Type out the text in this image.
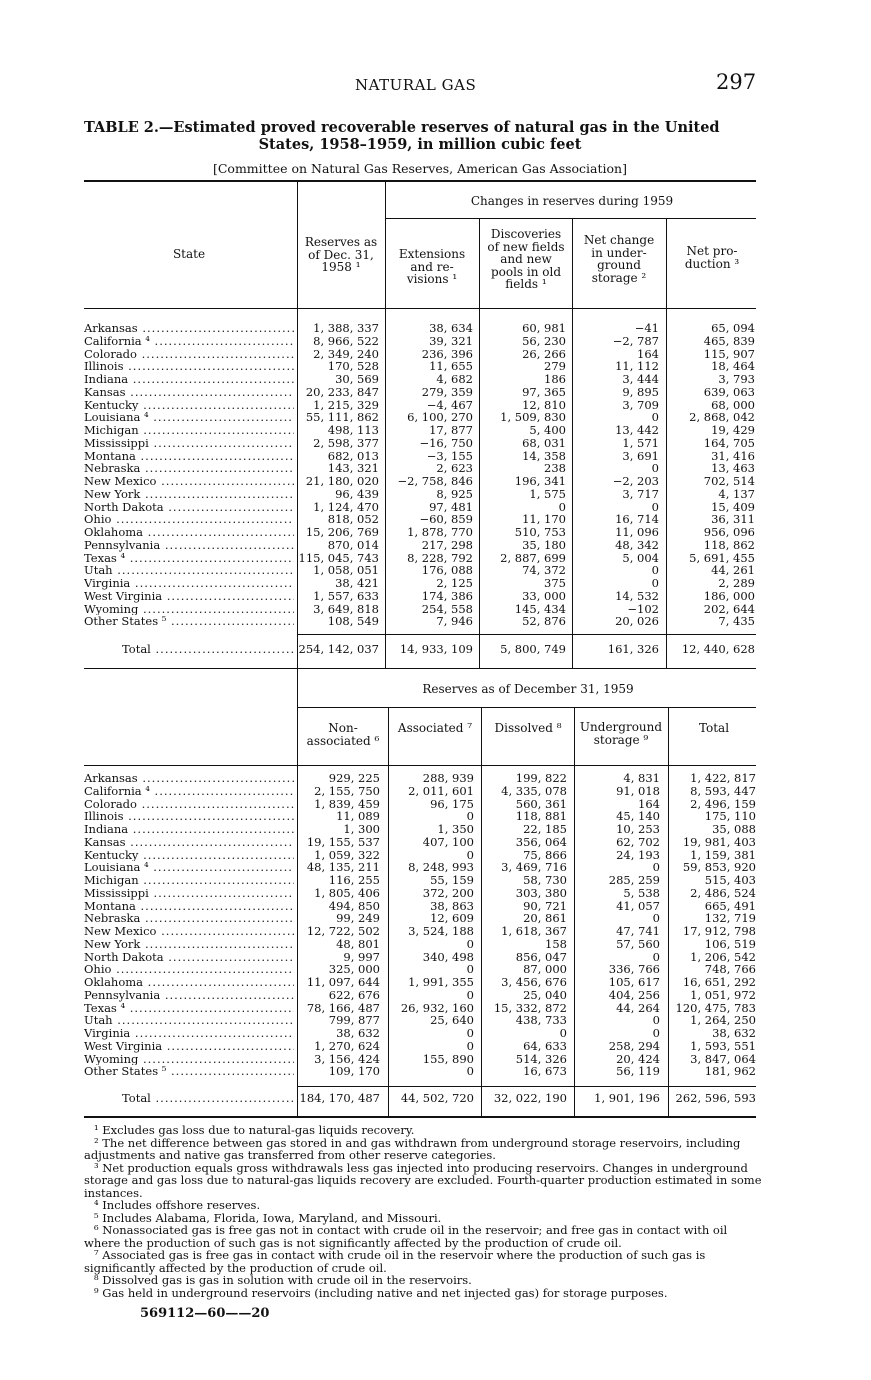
NATURAL GAS	297
TABLE 2.—Estimated proved recoverable reserves of natural gas in the United
States, 1958–1959, in million cubic feet
[Committee on Natural Gas Reserves, American Gas Association]
State
Reserves as of Dec. 31, 1958 ¹
Changes in reserves during 1959
Extensions and re-visions ¹
Discoveries of new fields and new pools in old fields ¹
Net change in under-ground storage ²
Net pro-duction ³
Reserves as of December 31, 1959
Non-associated ⁶
Associated ⁷	Dissolved ⁸	Underground storage ⁹
Total
Arkansas .....	1, 388, 337	38, 634	60, 981	−41	65, 094
California ⁴ .....	8, 966, 522	39, 321	56, 230	−2, 787	465, 839
Colorado .....	2, 349, 240	236, 396	26, 266	164	115, 907
Illinois .....	170, 528	11, 655	279	11, 112	18, 464
Indiana .....	30, 569	4, 682	186	3, 444	3, 793
Kansas .....	20, 233, 847	279, 359	97, 365	9, 895	639, 063
Kentucky .....	1, 215, 329	−4, 467	12, 810	3, 709	68, 000
Louisiana ⁴ .....	55, 111, 862	6, 100, 270	1, 509, 830	0	2, 868, 042
Michigan .....	498, 113	17, 877	5, 400	13, 442	19, 429
Mississippi .....	2, 598, 377	−16, 750	68, 031	1, 571	164, 705
Montana .....	682, 013	−3, 155	14, 358	3, 691	31, 416
Nebraska .....	143, 321	2, 623	238	0	13, 463
New Mexico .....	21, 180, 020	−2, 758, 846	196, 341	−2, 203	702, 514
New York .....	96, 439	8, 925	1, 575	3, 717	4, 137
North Dakota .....	1, 124, 470	97, 481	0	0	15, 409
Ohio .....	818, 052	−60, 859	11, 170	16, 714	36, 311
Oklahoma .....	15, 206, 769	1, 878, 770	510, 753	11, 096	956, 096
Pennsylvania .....	870, 014	217, 298	35, 180	48, 342	118, 862
Texas ⁴ .....	115, 045, 743	8, 228, 792	2, 887, 699	5, 004	5, 691, 455
Utah .....	1, 058, 051	176, 088	74, 372	0	44, 261
Virginia .....	38, 421	2, 125	375	0	2, 289
West Virginia .....	1, 557, 633	174, 386	33, 000	14, 532	186, 000
Wyoming .....	3, 649, 818	254, 558	145, 434	−102	202, 644
Other States ⁵ .....	108, 549	7, 946	52, 876	20, 026	7, 435
Total .....	254, 142, 037	14, 933, 109	5, 800, 749	161, 326	12, 440, 628
Arkansas .....	929, 225	288, 939	199, 822	4, 831	1, 422, 817
California ⁴ .....	2, 155, 750	2, 011, 601	4, 335, 078	91, 018	8, 593, 447
Colorado .....	1, 839, 459	96, 175	560, 361	164	2, 496, 159
Illinois .....	11, 089	0	118, 881	45, 140	175, 110
Indiana .....	1, 300	1, 350	22, 185	10, 253	35, 088
Kansas .....	19, 155, 537	407, 100	356, 064	62, 702	19, 981, 403
Kentucky .....	1, 059, 322	0	75, 866	24, 193	1, 159, 381
Louisiana ⁴ .....	48, 135, 211	8, 248, 993	3, 469, 716	0	59, 853, 920
Michigan .....	116, 255	55, 159	58, 730	285, 259	515, 403
Mississippi .....	1, 805, 406	372, 200	303, 380	5, 538	2, 486, 524
Montana .....	494, 850	38, 863	90, 721	41, 057	665, 491
Nebraska .....	99, 249	12, 609	20, 861	0	132, 719
New Mexico .....	12, 722, 502	3, 524, 188	1, 618, 367	47, 741	17, 912, 798
New York .....	48, 801	0	158	57, 560	106, 519
North Dakota .....	9, 997	340, 498	856, 047	0	1, 206, 542
Ohio .....	325, 000	0	87, 000	336, 766	748, 766
Oklahoma .....	11, 097, 644	1, 991, 355	3, 456, 676	105, 617	16, 651, 292
Pennsylvania .....	622, 676	0	25, 040	404, 256	1, 051, 972
Texas ⁴ .....	78, 166, 487	26, 932, 160	15, 332, 872	44, 264	120, 475, 783
Utah .....	799, 877	25, 640	438, 733	0	1, 264, 250
Virginia .....	38, 632	0	0	0	38, 632
West Virginia .....	1, 270, 624	0	64, 633	258, 294	1, 593, 551
Wyoming .....	3, 156, 424	155, 890	514, 326	20, 424	3, 847, 064
Other States ⁵ .....	109, 170	0	16, 673	56, 119	181, 962
Total .....	184, 170, 487	44, 502, 720	32, 022, 190	1, 901, 196	262, 596, 593
¹ Excludes gas loss due to natural-gas liquids recovery.
² The net difference between gas stored in and gas withdrawn from underground storage reservoirs, including adjustments and native gas transferred from other reserve categories.
³ Net production equals gross withdrawals less gas injected into producing reservoirs. Changes in underground storage and gas loss due to natural-gas liquids recovery are excluded. Fourth-quarter production estimated in some instances.
⁴ Includes offshore reserves.
⁵ Includes Alabama, Florida, Iowa, Maryland, and Missouri.
⁶ Nonassociated gas is free gas not in contact with crude oil in the reservoir; and free gas in contact with oil where the production of such gas is not significantly affected by the production of crude oil.
⁷ Associated gas is free gas in contact with crude oil in the reservoir where the production of such gas is significantly affected by the production of crude oil.
⁸ Dissolved gas is gas in solution with crude oil in the reservoirs.
⁹ Gas held in underground reservoirs (including native and net injected gas) for storage purposes.
569112—60——20
